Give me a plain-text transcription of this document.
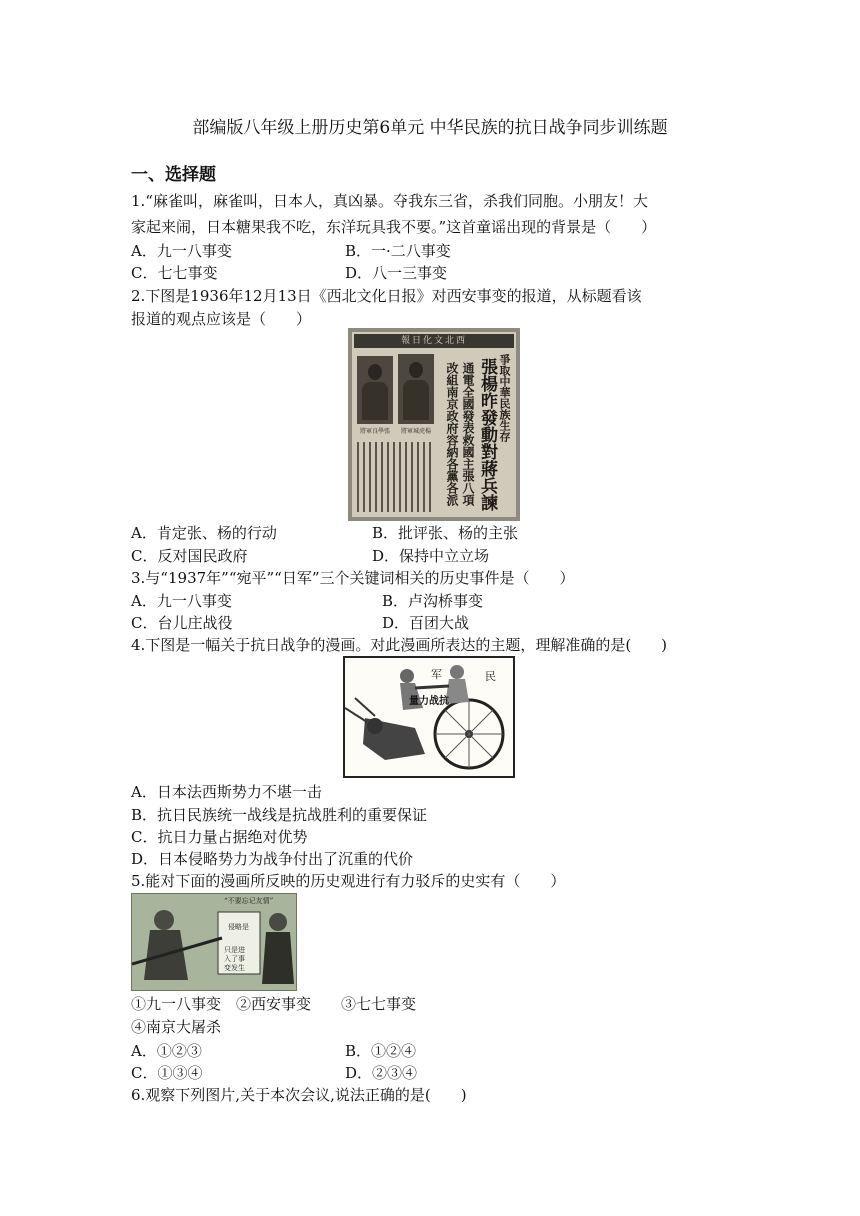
部编版八年级上册历史第6单元 中华民族的抗日战争同步训练题
一、选择题
1.“麻雀叫，麻雀叫，日本人，真凶暴。夺我东三省，杀我们同胞。小朋友！大
家起来闹，日本糖果我不吃，东洋玩具我不要。”这首童谣出现的背景是（　　）
A．九一八事变	B．一·二八事变
C．七七事变	D．八一三事变
2.下图是1936年12月13日《西北文化日报》对西安事变的报道，从标题看该
报道的观点应该是（　　）
報日化文北西
將軍良學張	將軍城虎楊	爭取中華民族生存
張楊昨發動對蔣兵諫
通電全國發表救國主張八項
改組南京政府容納各黨各派
A．肯定张、杨的行动	B．批评张、杨的主张
C．反对国民政府	D．保持中立立场
3.与“1937年”“宛平”“日军”三个关键词相关的历史事件是（　　）
A．九一八事变	B．卢沟桥事变
C．台儿庄战役	D．百团大战
4.下图是一幅关于抗日战争的漫画。对此漫画所表达的主题，理解准确的是(　　)
军	民
量力战抗
A．日本法西斯势力不堪一击
B．抗日民族统一战线是抗战胜利的重要保证
C．抗日力量占据绝对优势
D．日本侵略势力为战争付出了沉重的代价
5.能对下面的漫画所反映的历史观进行有力驳斥的史实有（　　）
“不要忘记友情”
侵略是
只是进
入了事
变发生
①九一八事变　②西安事变　　③七七事变
④南京大屠杀
A．①②③	B．①②④
C．①③④	D．②③④
6.观察下列图片,关于本次会议,说法正确的是(　　)
